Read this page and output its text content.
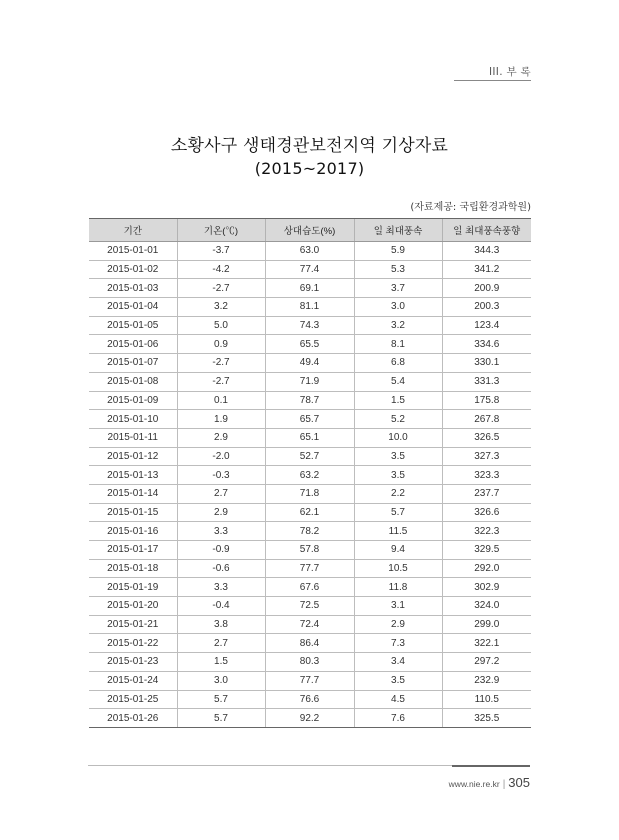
III. 부 록
소황사구 생태경관보전지역 기상자료
(2015~2017)
(자료제공: 국립환경과학원)
기간	기온(℃)	상대습도(%)	일 최대풍속	일 최대풍속풍향
2015-01-01	-3.7	63.0	5.9	344.3
2015-01-02	-4.2	77.4	5.3	341.2
2015-01-03	-2.7	69.1	3.7	200.9
2015-01-04	3.2	81.1	3.0	200.3
2015-01-05	5.0	74.3	3.2	123.4
2015-01-06	0.9	65.5	8.1	334.6
2015-01-07	-2.7	49.4	6.8	330.1
2015-01-08	-2.7	71.9	5.4	331.3
2015-01-09	0.1	78.7	1.5	175.8
2015-01-10	1.9	65.7	5.2	267.8
2015-01-11	2.9	65.1	10.0	326.5
2015-01-12	-2.0	52.7	3.5	327.3
2015-01-13	-0.3	63.2	3.5	323.3
2015-01-14	2.7	71.8	2.2	237.7
2015-01-15	2.9	62.1	5.7	326.6
2015-01-16	3.3	78.2	11.5	322.3
2015-01-17	-0.9	57.8	9.4	329.5
2015-01-18	-0.6	77.7	10.5	292.0
2015-01-19	3.3	67.6	11.8	302.9
2015-01-20	-0.4	72.5	3.1	324.0
2015-01-21	3.8	72.4	2.9	299.0
2015-01-22	2.7	86.4	7.3	322.1
2015-01-23	1.5	80.3	3.4	297.2
2015-01-24	3.0	77.7	3.5	232.9
2015-01-25	5.7	76.6	4.5	110.5
2015-01-26	5.7	92.2	7.6	325.5
www.nie.re.kr | 305
